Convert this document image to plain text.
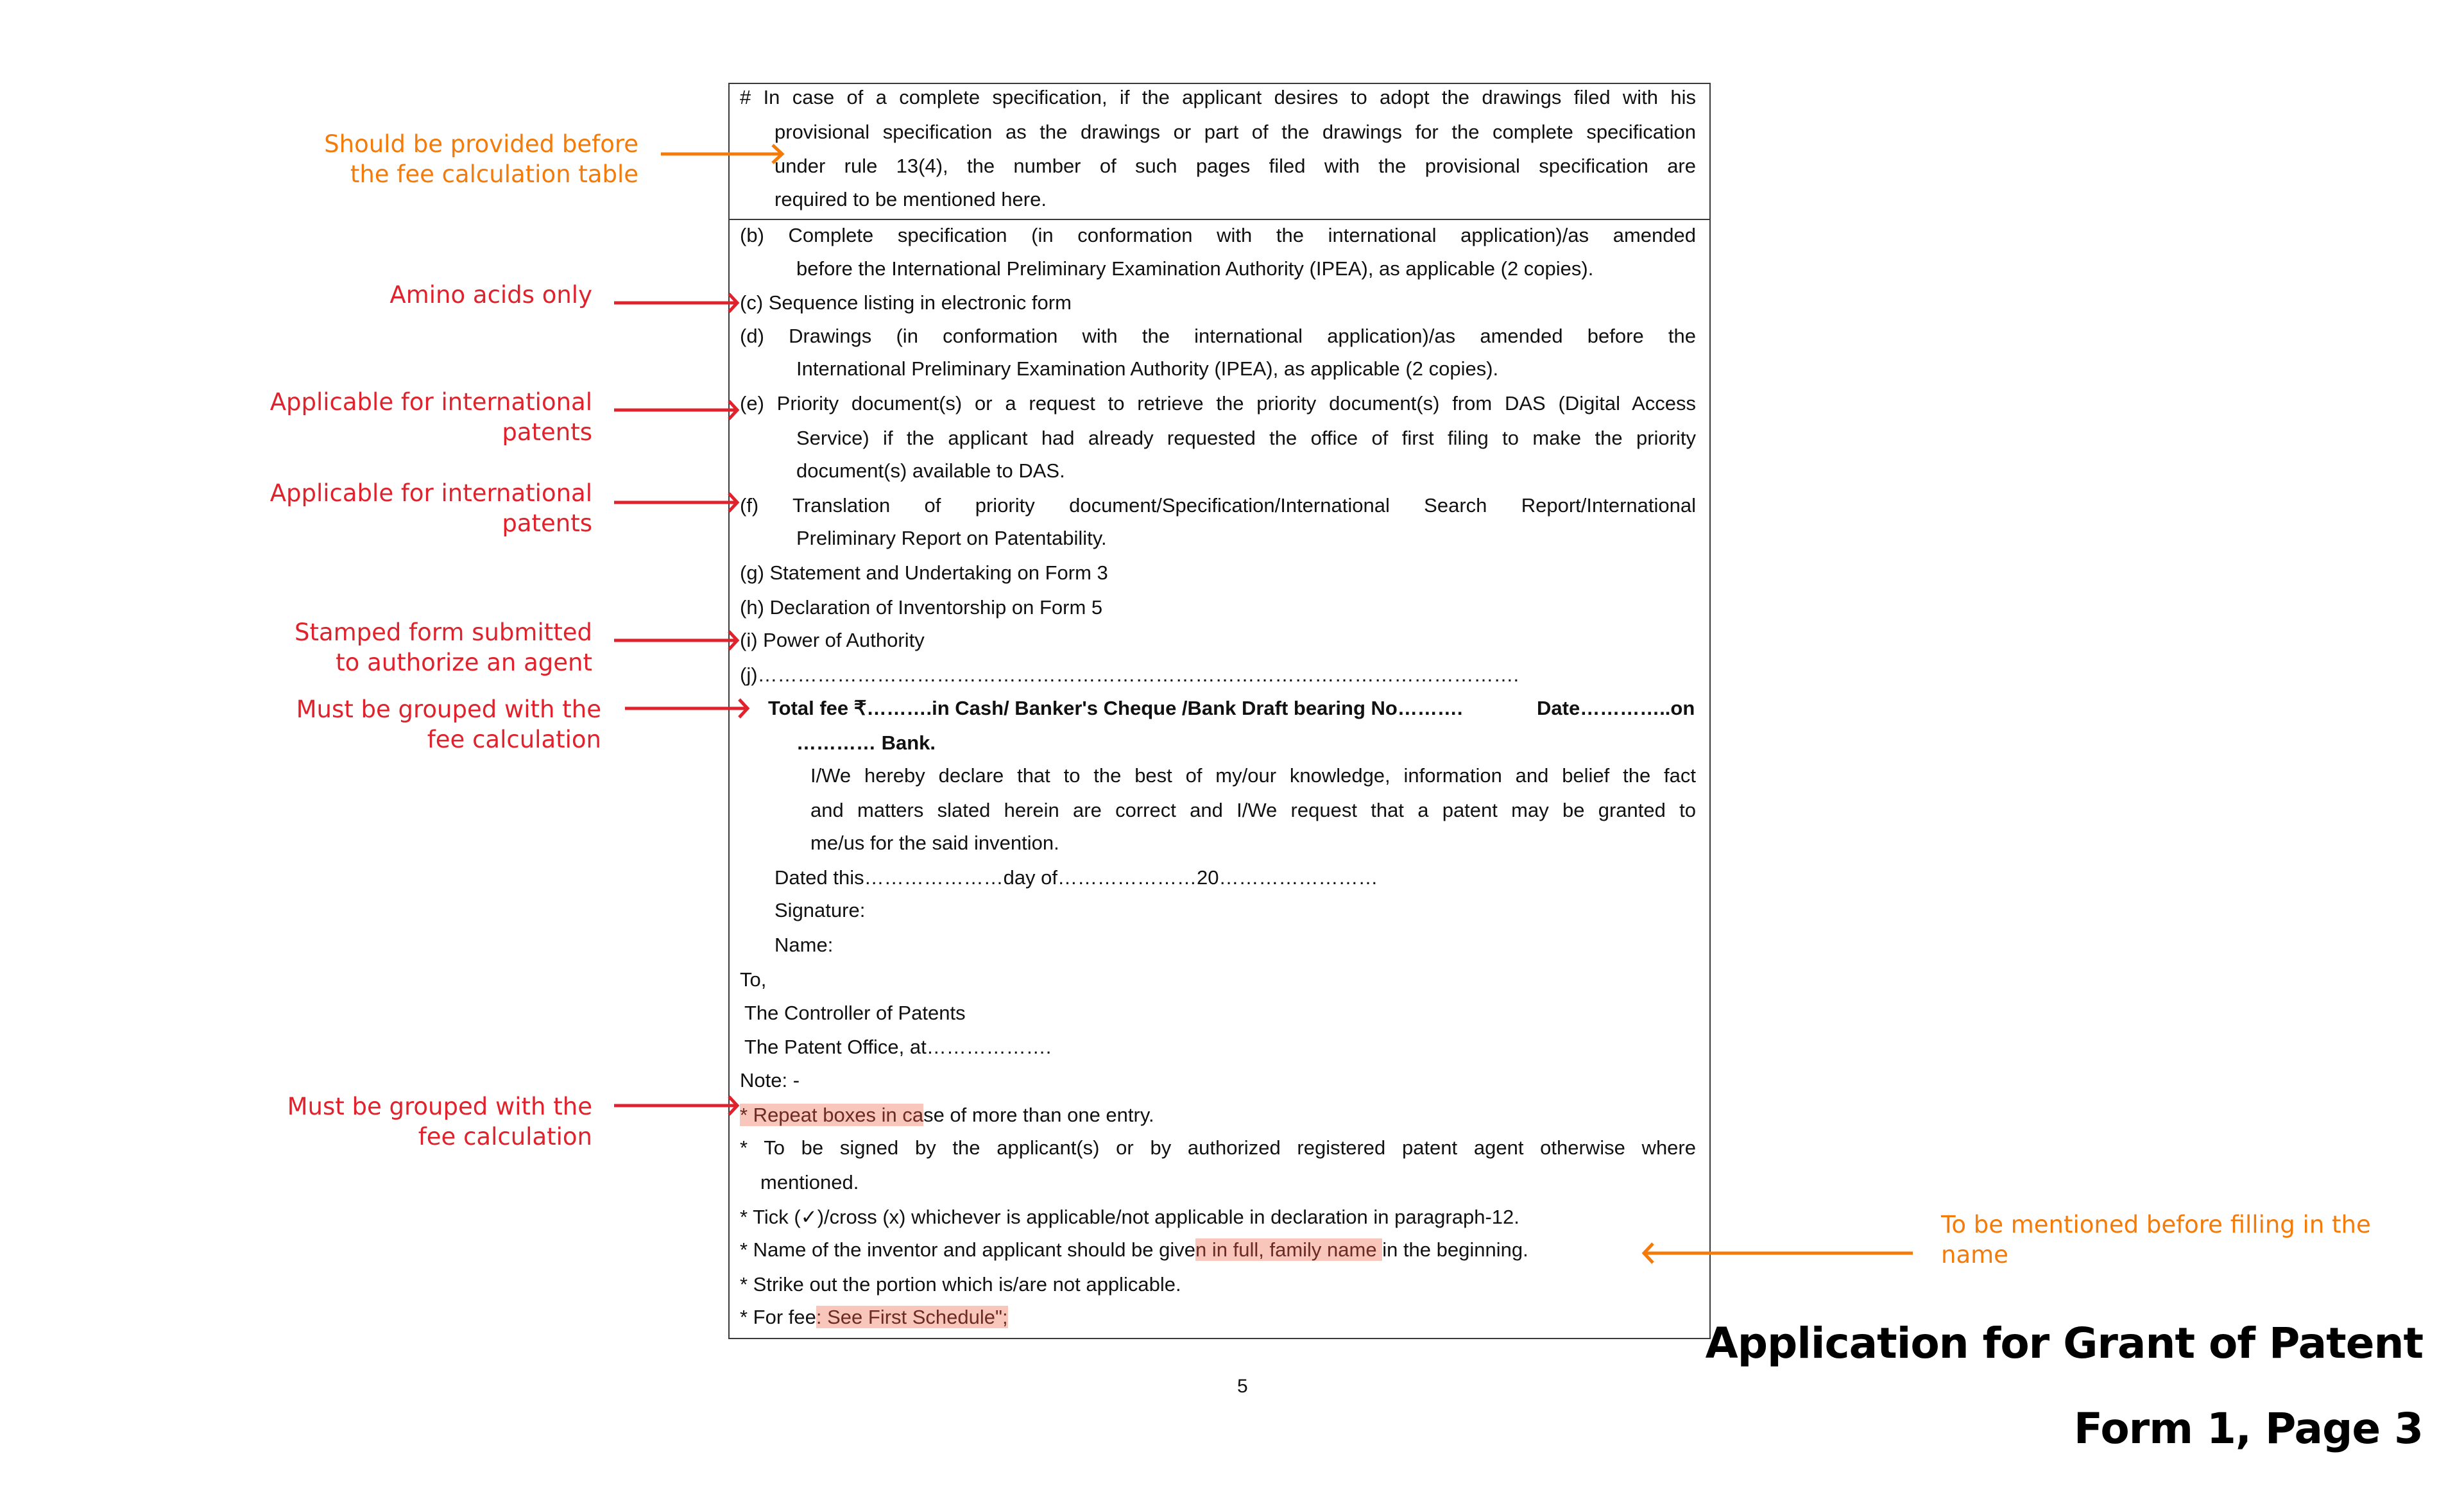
# In case of a complete specification, if the applicant desires to adopt the drawings filed with his
provisional specification as the drawings or part of the drawings for the complete specification
under rule 13(4), the number of such pages filed with the provisional specification are
required to be mentioned here.
(b) Complete specification (in conformation with the international application)/as amended
before the International Preliminary Examination Authority (IPEA), as applicable (2 copies).
(c) Sequence listing in electronic form
(d) Drawings (in conformation with the international application)/as amended before the
International Preliminary Examination Authority (IPEA), as applicable (2 copies).
(e) Priority document(s) or a request to retrieve the priority document(s) from DAS (Digital Access
Service) if the applicant had already requested the office of first filing to make the priority
document(s) available to DAS.
(f) Translation of priority document/Specification/International Search Report/International
Preliminary Report on Patentability.
(g) Statement and Undertaking on Form 3
(h) Declaration of Inventorship on Form 5
(i) Power of Authority
(j)…………………………………………………………………………………………………….
Total fee ₹……….in Cash/ Banker's Cheque /Bank Draft bearing No……….	Date…………..on
………… Bank.
I/We hereby declare that to the best of my/our knowledge, information and belief the fact
and matters slated herein are correct and I/We request that a patent may be granted to
me/us for the said invention.
Dated this…………………day of…………………20……………………
Signature:
Name:
To,
The Controller of Patents
The Patent Office, at……………….
Note: -
* Repeat boxes in case of more than one entry.
* To be signed by the applicant(s) or by authorized registered patent agent otherwise where
mentioned.
* Tick (✓)/cross (x) whichever is applicable/not applicable in declaration in paragraph-12.
* Name of the inventor and applicant should be given in full, family name in the beginning.
* Strike out the portion which is/are not applicable.
* For fee: See First Schedule";
5
Should be provided before
the fee calculation table
Amino acids only
Applicable for international
patents
Applicable for international
patents
Stamped form submitted
to authorize an agent
Must be grouped with the
fee calculation
Must be grouped with the
fee calculation
To be mentioned before filling in the
name
Application for Grant of Patent
Form 1, Page 3
